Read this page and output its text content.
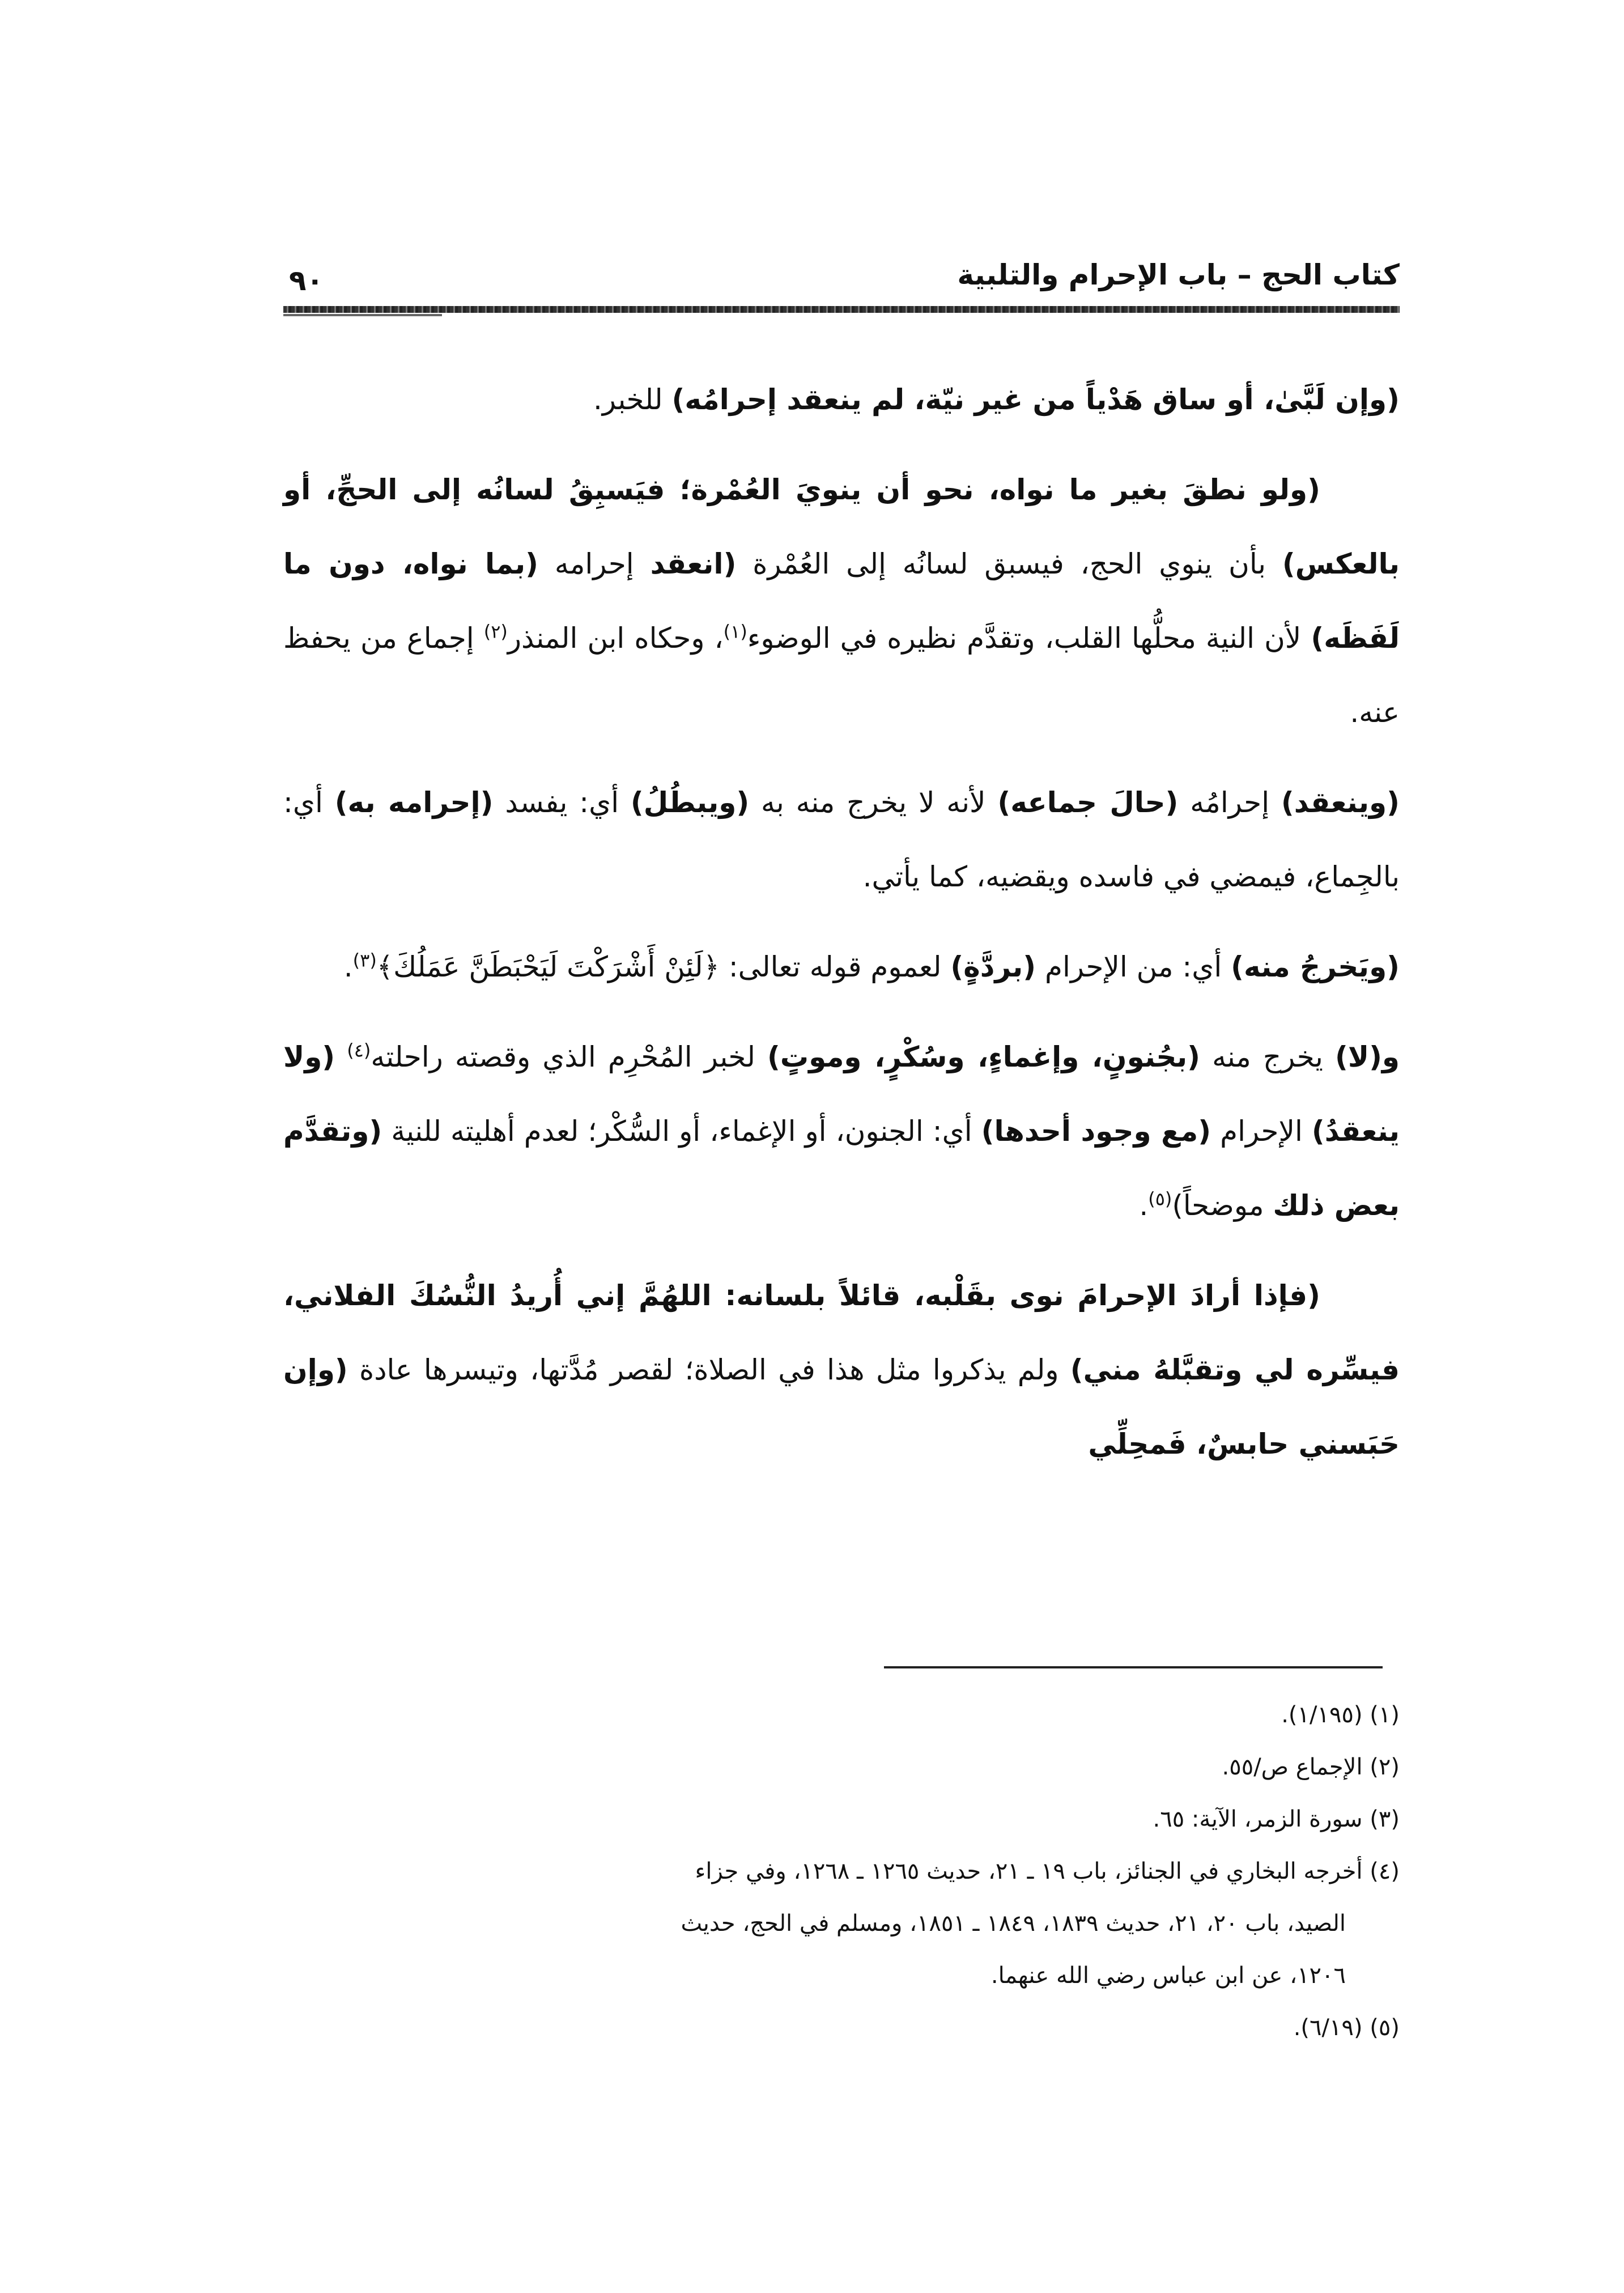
كتاب الحج – باب الإحرام والتلبية
٩٠

(وإن لَبَّىٰ، أو ساق هَدْياً من غير نيّة، لم ينعقد إحرامُه) للخبر.

(ولو نطقَ بغير ما نواه، نحو أن ينويَ العُمْرة؛ فيَسبِقُ لسانُه إلى الحجِّ، أو بالعكس) بأن ينوي الحج، فيسبق لسانُه إلى العُمْرة (انعقد إحرامه (بما نواه، دون ما لَفَظَه) لأن النية محلُّها القلب، وتقدَّم نظيره في الوضوء$^{(١)}$، وحكاه ابن المنذر$^{(٢)}$ إجماع من يحفظ عنه.

(وينعقد) إحرامُه (حالَ جماعه) لأنه لا يخرج منه به (ويبطُلُ) أي: يفسد (إحرامه به) أي: بالجِماع، فيمضي في فاسده ويقضيه، كما يأتي.

(ويَخرجُ منه) أي: من الإحرام (بردَّةٍ) لعموم قوله تعالى: ﴿لَئِنْ أَشْرَكْتَ لَيَحْبَطَنَّ عَمَلُكَ﴾$^{(٣)}$.

و(لا) يخرج منه (بجُنونٍ، وإغماءٍ، وسُكْرٍ، وموتٍ) لخبر المُحْرِم الذي وقصته راحلته$^{(٤)}$ (ولا ينعقدُ) الإحرام (مع وجود أحدها) أي: الجنون، أو الإغماء، أو السُّكْر؛ لعدم أهليته للنية (وتقدَّم بعض ذلك موضحاً)$^{(٥)}$.

(فإذا أرادَ الإحرامَ نوى بقَلْبه، قائلاً بلسانه: اللهُمَّ إني أُريدُ النُّسُكَ الفلاني، فيسِّره لي وتقبَّلهُ مني) ولم يذكروا مثل هذا في الصلاة؛ لقصر مُدَّتها، وتيسرها عادة (وإن حَبَسني حابسٌ، فَمحِلِّي

(١) (١/١٩٥).

(٢) الإجماع ص/٥٥.

(٣) سورة الزمر، الآية: ٦٥.

(٤) أخرجه البخاري في الجنائز، باب ١٩ ـ ٢١، حديث ١٢٦٥ ـ ١٢٦٨، وفي جزاء

الصيد، باب ٢٠، ٢١، حديث ١٨٣٩، ١٨٤٩ ـ ١٨٥١، ومسلم في الحج، حديث

١٢٠٦، عن ابن عباس رضي الله عنهما.

(٥) (٦/١٩).
